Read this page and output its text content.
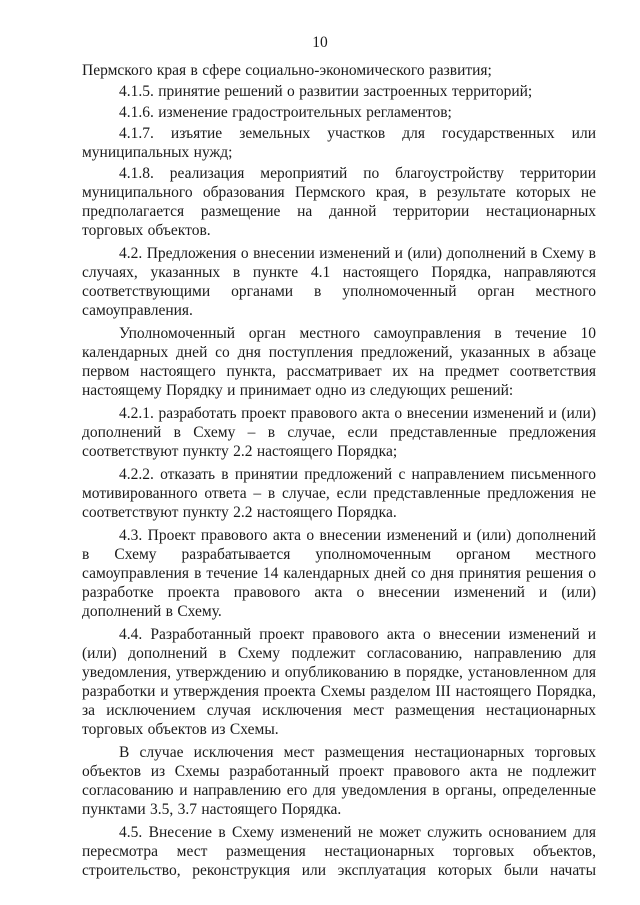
10

Пермского края в сфере социально-экономического развития;

4.1.5. принятие решений о развитии застроенных территорий;

4.1.6. изменение градостроительных регламентов;

4.1.7. изъятие земельных участков для государственных или муниципальных нужд;

4.1.8. реализация мероприятий по благоустройству территории муниципального образования Пермского края, в результате которых не предполагается размещение на данной территории нестационарных торговых объектов.

4.2. Предложения о внесении изменений и (или) дополнений в Схему в случаях, указанных в пункте 4.1 настоящего Порядка, направляются соответствующими органами в уполномоченный орган местного самоуправления.

Уполномоченный орган местного самоуправления в течение 10 календарных дней со дня поступления предложений, указанных в абзаце первом настоящего пункта, рассматривает их на предмет соответствия настоящему Порядку и принимает одно из следующих решений:

4.2.1. разработать проект правового акта о внесении изменений и (или) дополнений в Схему – в случае, если представленные предложения соответствуют пункту 2.2 настоящего Порядка;

4.2.2. отказать в принятии предложений с направлением письменного мотивированного ответа – в случае, если представленные предложения не соответствуют пункту 2.2 настоящего Порядка.

4.3. Проект правового акта о внесении изменений и (или) дополнений в Схему разрабатывается уполномоченным органом местного самоуправления в течение 14 календарных дней со дня принятия решения о разработке проекта правового акта о внесении изменений и (или) дополнений в Схему.

4.4. Разработанный проект правового акта о внесении изменений и (или) дополнений в Схему подлежит согласованию, направлению для уведомления, утверждению и опубликованию в порядке, установленном для разработки и утверждения проекта Схемы разделом III настоящего Порядка, за исключением случая исключения мест размещения нестационарных торговых объектов из Схемы.

В случае исключения мест размещения нестационарных торговых объектов из Схемы разработанный проект правового акта не подлежит согласованию и направлению его для уведомления в органы, определенные пунктами 3.5, 3.7 настоящего Порядка.

4.5. Внесение в Схему изменений не может служить основанием для пересмотра мест размещения нестационарных торговых объектов, строительство, реконструкция или эксплуатация которых были начаты
